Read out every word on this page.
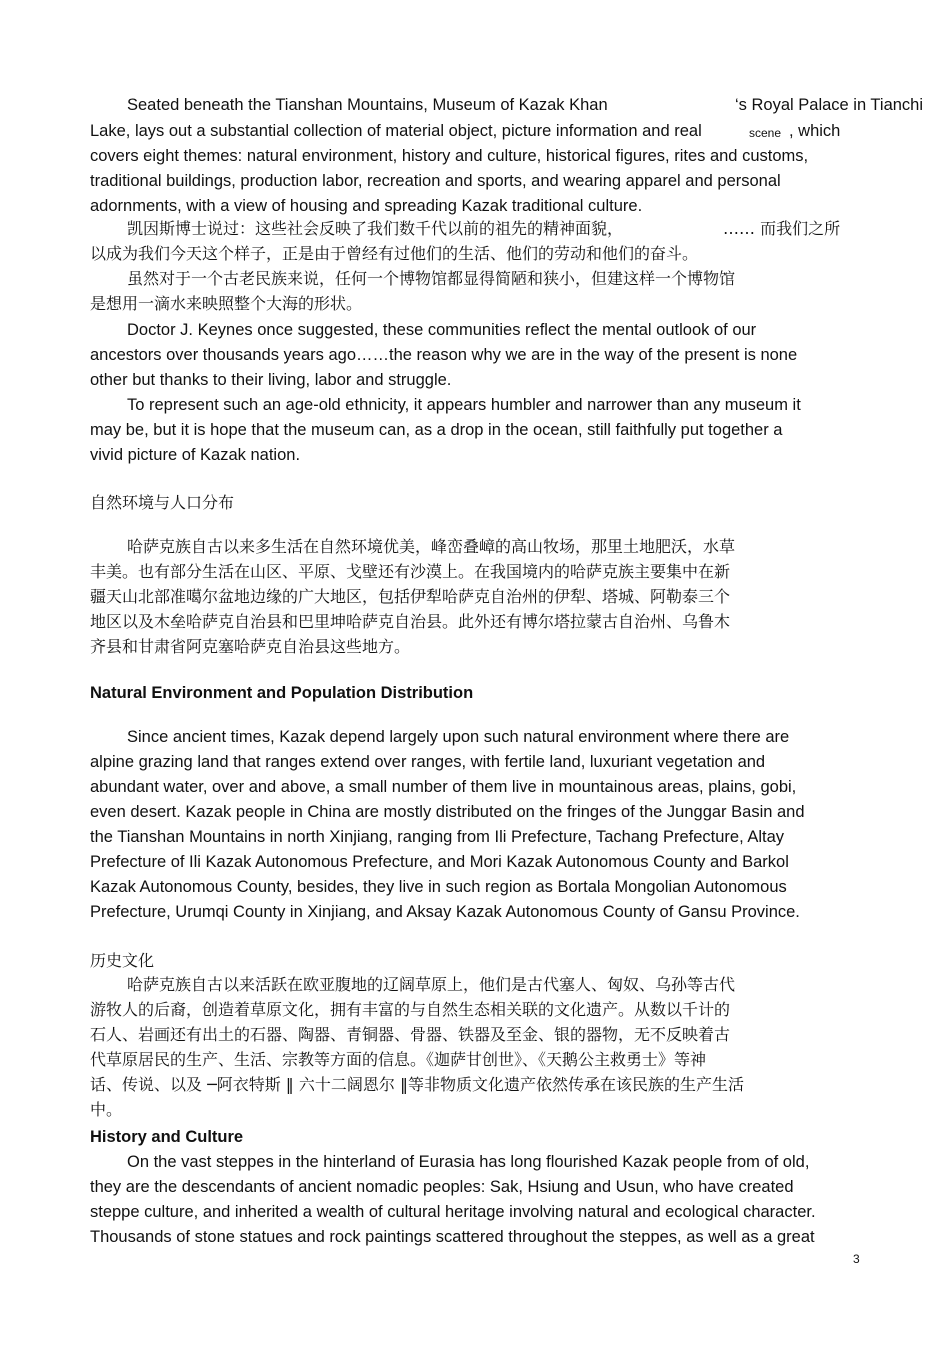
Seated beneath the Tianshan Mountains, Museum of Kazak Khan	‘s Royal Palace in Tianchi
Lake, lays out a substantial collection of material object, picture information and real	scene , which
covers eight themes: natural environment, history and culture, historical figures, rites and customs,
traditional buildings, production labor, recreation and sports, and wearing apparel and personal
adornments, with a view of housing and spreading Kazak traditional culture.
凯因斯博士说过：这些社会反映了我们数千代以前的祖先的精神面貌，	…… 而我们之所
以成为我们今天这个样子，正是由于曾经有过他们的生活、他们的劳动和他们的奋斗。
虽然对于一个古老民族来说，任何一个博物馆都显得简陋和狭小，但建这样一个博物馆
是想用一滴水来映照整个大海的形状。
Doctor J. Keynes once suggested, these communities reflect the mental outlook of our
ancestors over thousands years ago……the reason why we are in the way of the present is none
other but thanks to their living, labor and struggle.
To represent such an age-old ethnicity, it appears humbler and narrower than any museum it
may be, but it is hope that the museum can, as a drop in the ocean, still faithfully put together a
vivid picture of Kazak nation.
自然环境与人口分布
哈萨克族自古以来多生活在自然环境优美，峰峦叠嶂的高山牧场，那里土地肥沃，水草
丰美。也有部分生活在山区、平原、戈壁还有沙漠上。在我国境内的哈萨克族主要集中在新
疆天山北部准噶尔盆地边缘的广大地区，包括伊犁哈萨克自治州的伊犁、塔城、阿勒泰三个
地区以及木垒哈萨克自治县和巴里坤哈萨克自治县。此外还有博尔塔拉蒙古自治州、乌鲁木
齐县和甘肃省阿克塞哈萨克自治县这些地方。
Natural Environment and Population Distribution
Since ancient times, Kazak depend largely upon such natural environment where there are
alpine grazing land that ranges extend over ranges, with fertile land, luxuriant vegetation and
abundant water, over and above, a small number of them live in mountainous areas, plains, gobi,
even desert. Kazak people in China are mostly distributed on the fringes of the Junggar Basin and
the Tianshan Mountains in north Xinjiang, ranging from Ili Prefecture, Tachang Prefecture, Altay
Prefecture of Ili Kazak Autonomous Prefecture, and Mori Kazak Autonomous County and Barkol
Kazak Autonomous County, besides, they live in such region as Bortala Mongolian Autonomous
Prefecture, Urumqi County in Xinjiang, and Aksay Kazak Autonomous County of Gansu Province.
历史文化
哈萨克族自古以来活跃在欧亚腹地的辽阔草原上，他们是古代塞人、匈奴、乌孙等古代
游牧人的后裔，创造着草原文化，拥有丰富的与自然生态相关联的文化遗产。从数以千计的
石人、岩画还有出土的石器、陶器、青铜器、骨器、铁器及至金、银的器物，无不反映着古
代草原居民的生产、生活、宗教等方面的信息。《迦萨甘创世》、《天鹅公主救勇士》等神
话、传说、以及 ─阿衣特斯 ‖ 六十二阔恩尔 ‖等非物质文化遗产依然传承在该民族的生产生活
中。
History and Culture
On the vast steppes in the hinterland of Eurasia has long flourished Kazak people from of old,
they are the descendants of ancient nomadic peoples: Sak, Hsiung and Usun, who have created
steppe culture, and inherited a wealth of cultural heritage involving natural and ecological character.
Thousands of stone statues and rock paintings scattered throughout the steppes, as well as a great
3
